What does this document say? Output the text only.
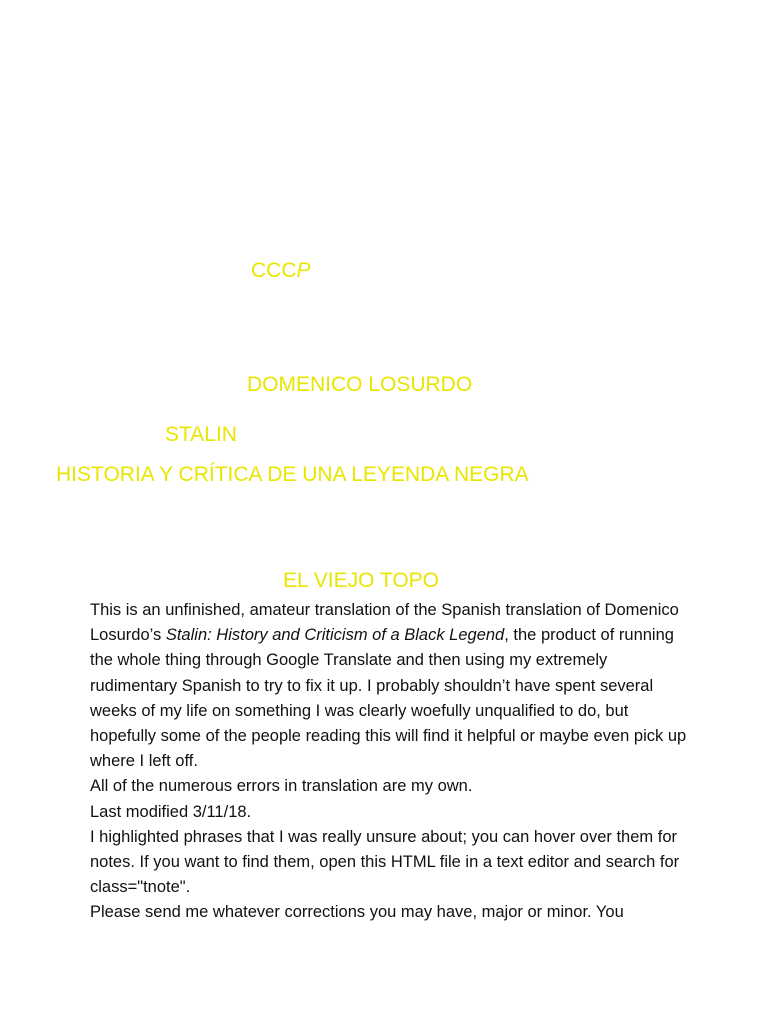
CCCP
DOMENICO LOSURDO
STALIN
HISTORIA Y CRÍTICA DE UNA LEYENDA NEGRA
EL VIEJO TOPO

This is an unfinished, amateur translation of the Spanish translation of Domenico Losurdo’s Stalin: History and Criticism of a Black Legend, the product of running the whole thing through Google Translate and then using my extremely rudimentary Spanish to try to fix it up. I probably shouldn’t have spent several weeks of my life on something I was clearly woefully unqualified to do, but hopefully some of the people reading this will find it helpful or maybe even pick up where I left off.

All of the numerous errors in translation are my own.

Last modified 3/11/18.

I highlighted phrases that I was really unsure about; you can hover over them for notes. If you want to find them, open this HTML file in a text editor and search for class="tnote".

Please send me whatever corrections you may have, major or minor. You
